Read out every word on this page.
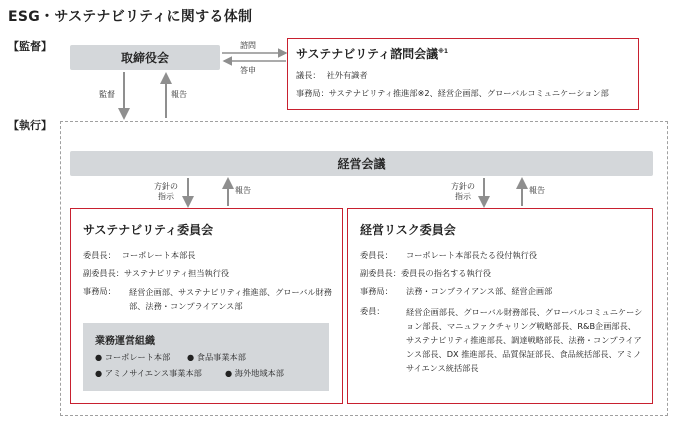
ESG・サステナビリティに関する体制
【監督】
【執行】
取締役会
諮問
答申
監督	報告
サステナビリティ諮問会議$^{※1}$
議長： 社外有識者
事務局： サステナビリティ推進部※2、経営企画部、グローバルコミュニケーション部
経営会議
方針の
指示
報告	方針の
指示
報告
サステナビリティ委員会
委員長： コーポレート本部長
副委員長： サステナビリティ担当執行役
事務局：	経営企画部、サステナビリティ推進部、グローバル財務部、法務・コンプライアンス部
業務運営組織
● コーポレート本部 ● 食品事業本部
● アミノサイエンス事業本部	● 海外地域本部
経営リスク委員会
委員長：	コーポレート本部長たる役付執行役
副委員長： 委員長の指名する執行役
事務局：	法務・コンプライアンス部、経営企画部
委員：	経営企画部長、グローバル財務部長、グローバルコミュニケーション部長、マニュファクチャリング戦略部長、R&B企画部長、サステナビリティ推進部長、調達戦略部長、法務・コンプライアンス部長、DX 推進部長、品質保証部長、食品統括部長、アミノサイエンス統括部長
